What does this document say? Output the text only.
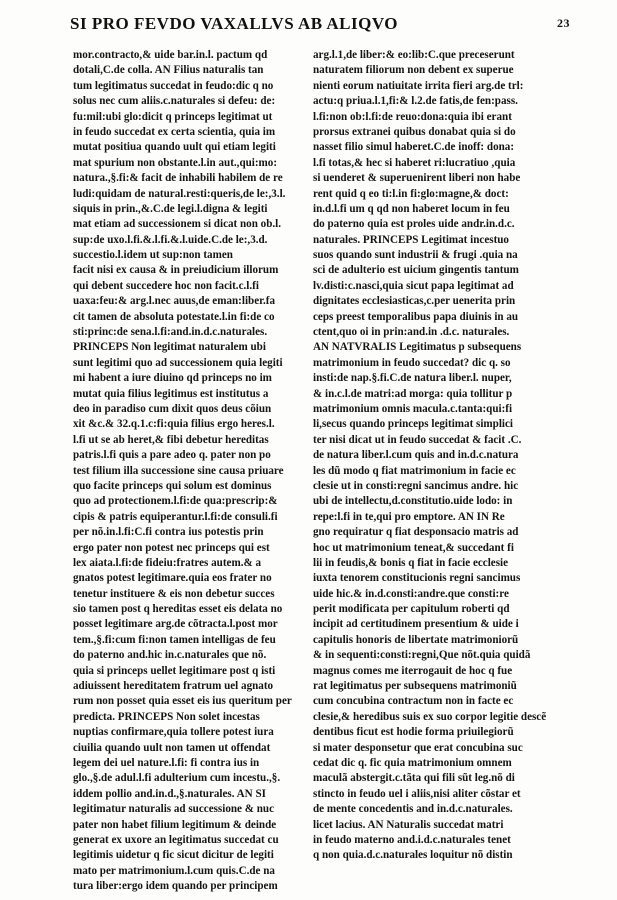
SI PRO FEVDO VAXALLVS AB ALIQVO	23
mor.contracto,& uide bar.in.l. pactum qd
dotali,C.de colla. AN Filius naturalis tan
tum legitimatus succedat in feudo:dic q no
solus nec cum aliis.c.naturales si defeu: de:
fu:mil:ubi glo:dicit q princeps legitimat ut
in feudo succedat ex certa scientia, quia im
mutat positiua quando uult qui etiam legiti
mat spurium non obstante.l.in aut.,qui:mo:
natura.,§.fi:& facit de inhabili habilem de re
ludi:quidam de natural.resti:queris,de le:,3.l.
siquis in prin.,&.C.de legi.l.digna & legiti
mat etiam ad successionem si dicat non ob.l.
sup:de uxo.l.fi.&.l.fi.&.l.uide.C.de le:,3.d.
succestio.l.idem ut sup:non tamen
facit nisi ex causa & in preiudicium illorum
qui debent succedere hoc non facit.c.l.fi
uaxa:feu:& arg.l.nec auus,de eman:liber.fa
cit tamen de absoluta potestate.l.in fi:de co
sti:princ:de sena.l.fi:and.in.d.c.naturales.
PRINCEPS Non legitimat naturalem ubi
sunt legitimi quo ad successionem quia legiti
mi habent a iure diuino qd princeps no im
mutat quia filius legitimus est institutus a
deo in paradiso cum dixit quos deus cõiun
xit &c.& 32.q.1.c:fi:quia filius ergo heres.l.
l.fi ut se ab heret,& fibi debetur hereditas
patris.l.fi quis a pare adeo q. pater non po
test filium illa successione sine causa priuare
quo facite princeps qui solum est dominus
quo ad protectionem.l.fi:de qua:prescrip:&
cipis & patris equiperantur.l.fi:de consuli.fi
per nõ.in.l.fi:C.fi contra ius potestis prin
ergo pater non potest nec princeps qui est
lex aiata.l.fi:de fideiu:fratres autem.& a
gnatos potest legitimare.quia eos frater no
tenetur instituere & eis non debetur succes
sio tamen post q hereditas esset eis delata no
posset legitimare arg.de cõtracta.l.post mor
tem.,§.fi:cum fi:non tamen intelligas de feu
do paterno and.hic in.c.naturales que nõ.
quia si princeps uellet legitimare post q isti
adiuissent hereditatem fratrum uel agnato
rum non posset quia esset eis ius queritum per
predicta. PRINCEPS Non solet incestas
nuptias confirmare,quia tollere potest iura
ciuilia quando uult non tamen ut offendat
legem dei uel nature.l.fi: fi contra ius in
glo.,§.de adul.l.fi adulterium cum incestu.,§.
iddem pollio and.in.d.,§.naturales. AN SI
legitimatur naturalis ad successione & nuc
pater non habet filium legitimum & deinde
generat ex uxore an legitimatus succedat cu
legitimis uidetur q fic sicut dicitur de legiti
mato per matrimonium.l.cum quis.C.de na
tura liber:ergo idem quando per principem
arg.l.1,de liber:& eo:lib:C.que preceserunt
naturatem filiorum non debent ex superue
nienti eorum natiuitate irrita fieri arg.de trl:
actu:q priua.l.1,fi:& l.2.de fatis,de fen:pass.
l.fi:non ob:l.fi:de reuo:dona:quia ibi erant
prorsus extranei quibus donabat quia si do
nasset filio simul haberet.C.de inoff: dona:
l.fi totas,& hec si haberet ri:lucratiuo ,quia
si uenderet & superuenirent liberi non habe
rent quid q eo ti:l.in fi:glo:magne,& doct:
in.d.l.fi um q qd non haberet locum in feu
do paterno quia est proles uide andr.in.d.c.
naturales. PRINCEPS Legitimat incestuo
suos quando sunt industrii & frugi .quia na
sci de adulterio est uicium gingentis tantum
lv.disti:c.nasci,quia sicut papa legitimat ad
dignitates ecclesiasticas,c.per uenerita prin
ceps preest temporalibus papa diuinis in au
ctent,quo oi in prin:and.in .d.c. naturales.
AN NATVRALIS Legitimatus p subsequens
matrimonium in feudo succedat? dic q. so
insti:de nap.§.fi.C.de natura liber.l. nuper,
& in.c.l.de matri:ad morga: quia tollitur p
matrimonium omnis macula.c.tanta:qui:fi
li,secus quando princeps legitimat simplici
ter nisi dicat ut in feudo succedat & facit .C.
de natura liber.l.cum quis and in.d.c.natura
les dũ modo q fiat matrimonium in facie ec
clesie ut in consti:regni sancimus andre. hic
ubi de intellectu,d.constitutio.uide lodo: in
repe:l.fi in te,qui pro emptore. AN IN Re
gno requiratur q fiat desponsacio matris ad
hoc ut matrimonium teneat,& succedant fi
lii in feudis,& bonis q fiat in facie ecclesie
iuxta tenorem constitucionis regni sancimus
uide hic.& in.d.consti:andre.que consti:re
perit modificata per capitulum roberti qd
incipit ad certitudinem presentium & uide i
capitulis honoris de libertate matrimoniorũ
& in sequenti:consti:regni,Que nõt.quia quidã
magnus comes me iterrogauit de hoc q fue
rat legitimatus per subsequens matrimoniũ
cum concubina contractum non in facte ec
clesie,& heredibus suis ex suo corpor legitie descẽ
dentibus ficut est hodie forma priuilegiorũ
si mater desponsetur que erat concubina suc
cedat dic q. fic quia matrimonium omnem
maculã abstergit.c.tãta qui fili sũt leg.nõ di
stincto in feudo uel i aliis,nisi aliter cõstar et
de mente concedentis and in.d.c.naturales.
licet lacius. AN Naturalis succedat matri
in feudo materno and.i.d.c.naturales tenet
q non quia.d.c.naturales loquitur nõ distin
